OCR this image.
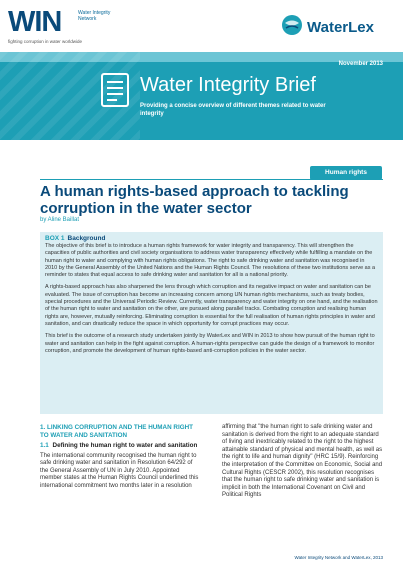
WIN	Water Integrity Network
fighting corruption in water worldwide
WaterLex
November 2013
Water Integrity Brief
Providing a concise overview of different themes related to water integrity
Human rights
A human rights-based approach to tackling corruption in the water sector
by Aline Baillat
BOX 1 Background

The objective of this brief is to introduce a human rights framework for water integrity and transparency. This will strengthen the capacities of public authorities and civil society organisations to address water transparency effectively while fulfilling a mandate on the human right to water and complying with human rights obligations. The right to safe drinking water and sanitation was recognised in 2010 by the General Assembly of the United Nations and the Human Rights Council. The resolutions of these two institutions serve as a reminder to states that equal access to safe drinking water and sanitation for all is a national priority.

A rights-based approach has also sharpened the lens through which corruption and its negative impact on water and sanitation can be evaluated. The issue of corruption has become an increasing concern among UN human rights mechanisms, such as treaty bodies, special procedures and the Universal Periodic Review. Currently, water transparency and water integrity on one hand, and the realisation of the human right to water and sanitation on the other, are pursued along parallel tracks. Combating corruption and realising human rights are, however, mutually reinforcing. Eliminating corruption is essential for the full realisation of human rights principles in water and sanitation, and can drastically reduce the space in which opportunity for corrupt practices may occur.

This brief is the outcome of a research study undertaken jointly by WaterLex and WIN in 2013 to show how pursuit of the human right to water and sanitation can help in the fight against corruption. A human-rights perspective can guide the design of a framework to monitor corruption, and promote the development of human rights-based anti-corruption policies in the water sector.

1. LINKING CORRUPTION AND THE HUMAN RIGHT TO WATER AND SANITATION
1.1 Defining the human right to water and sanitation

The international community recognised the human right to safe drinking water and sanitation in Resolution 64/292 of the General Assembly of UN in July 2010. Appointed member states at the Human Rights Council underlined this international commitment two months later in a resolution

affirming that "the human right to safe drinking water and sanitation is derived from the right to an adequate standard of living and inextricably related to the right to the highest attainable standard of physical and mental health, as well as the right to life and human dignity" (HRC 15/9). Reinforcing the interpretation of the Committee on Economic, Social and Cultural Rights (CESCR 2002), this resolution recognises that the human right to safe drinking water and sanitation is implicit in both the International Covenant on Civil and Political Rights

Water Integrity Network and WaterLex, 2013
